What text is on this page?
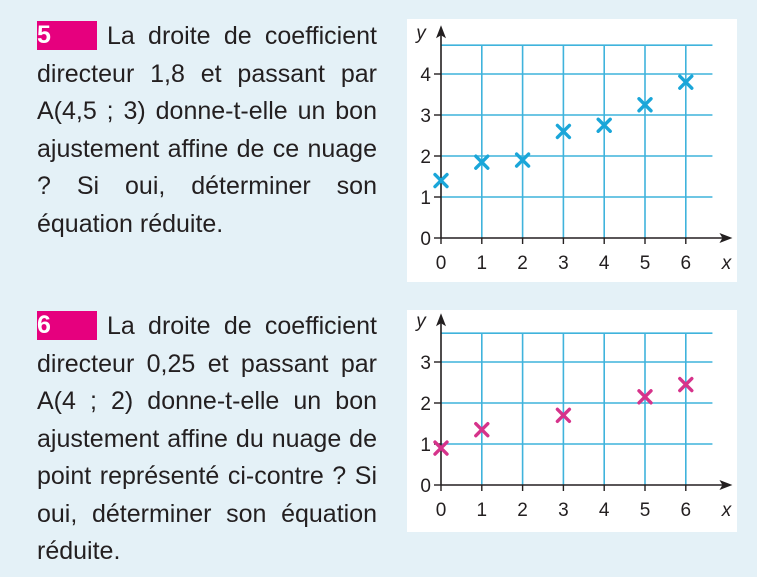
5 La droite de coefficient directeur 1,8 et passant par A(4,5 ; 3) donne-t-elle un bon ajustement affine de ce nuage ? Si oui, déterminer son équation réduite.
0 1 2 3 4 5 6
0
1
2
3
4
x
y
6 La droite de coefficient directeur 0,25 et passant par A(4 ; 2) donne-t-elle un bon ajustement affine du nuage de point représenté ci-contre ? Si oui, déterminer son équation réduite.
0 1 2 3 4 5 6
0
1
2
3
x
y
